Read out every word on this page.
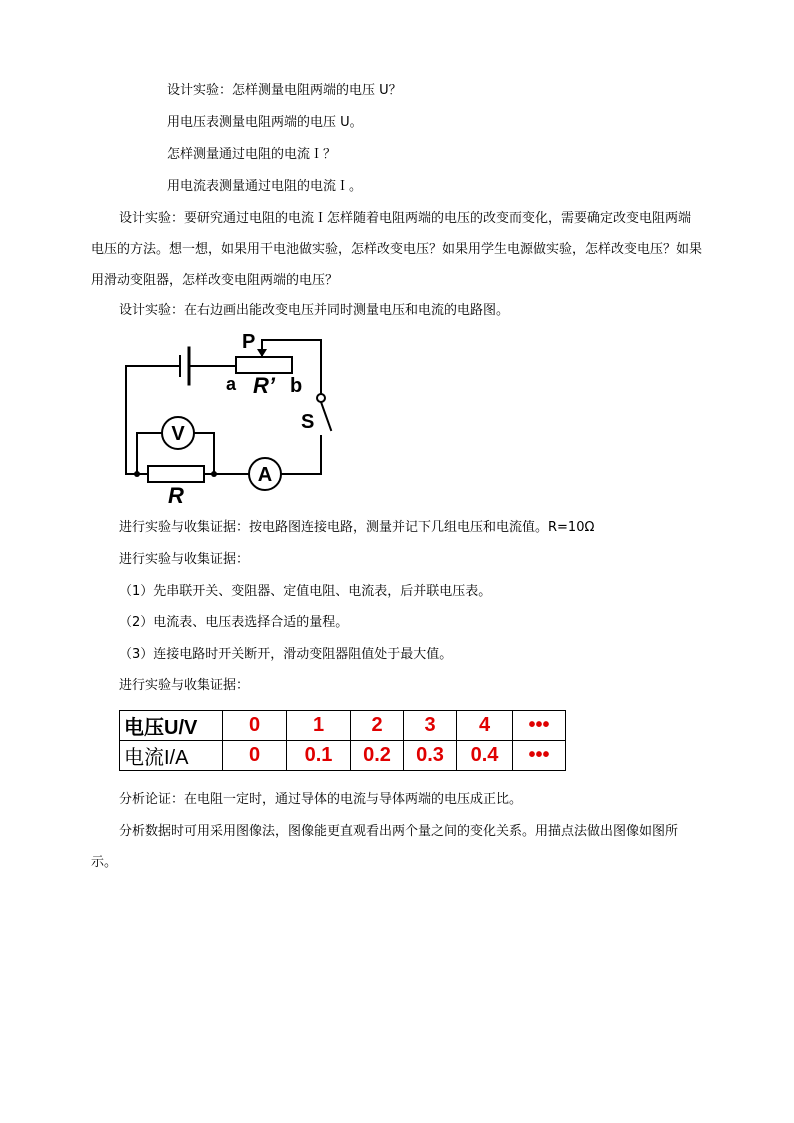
设计实验：怎样测量电阻两端的电压 U？
用电压表测量电阻两端的电压 U。
怎样测量通过电阻的电流Ｉ？
用电流表测量通过电阻的电流Ｉ。
设计实验：要研究通过电阻的电流Ｉ怎样随着电阻两端的电压的改变而变化，需要确定改变电阻两端电压的方法。想一想，如果用干电池做实验，怎样改变电压？如果用学生电源做实验，怎样改变电压？如果用滑动变阻器，怎样改变电阻两端的电压？
设计实验：在右边画出能改变电压并同时测量电压和电流的电路图。
P
a R’ b
S
V
A
R
进行实验与收集证据：按电路图连接电路，测量并记下几组电压和电流值。R=10Ω
进行实验与收集证据：
（1）先串联开关、变阻器、定值电阻、电流表，后并联电压表。
（2）电流表、电压表选择合适的量程。
（3）连接电路时开关断开，滑动变阻器阻值处于最大值。
进行实验与收集证据：
电压U/V	0	1	2	3	4	•••
电流I/A	0	0.1	0.2	0.3	0.4	•••
分析论证：在电阻一定时，通过导体的电流与导体两端的电压成正比。
分析数据时可用采用图像法，图像能更直观看出两个量之间的变化关系。用描点法做出图像如图所示。
